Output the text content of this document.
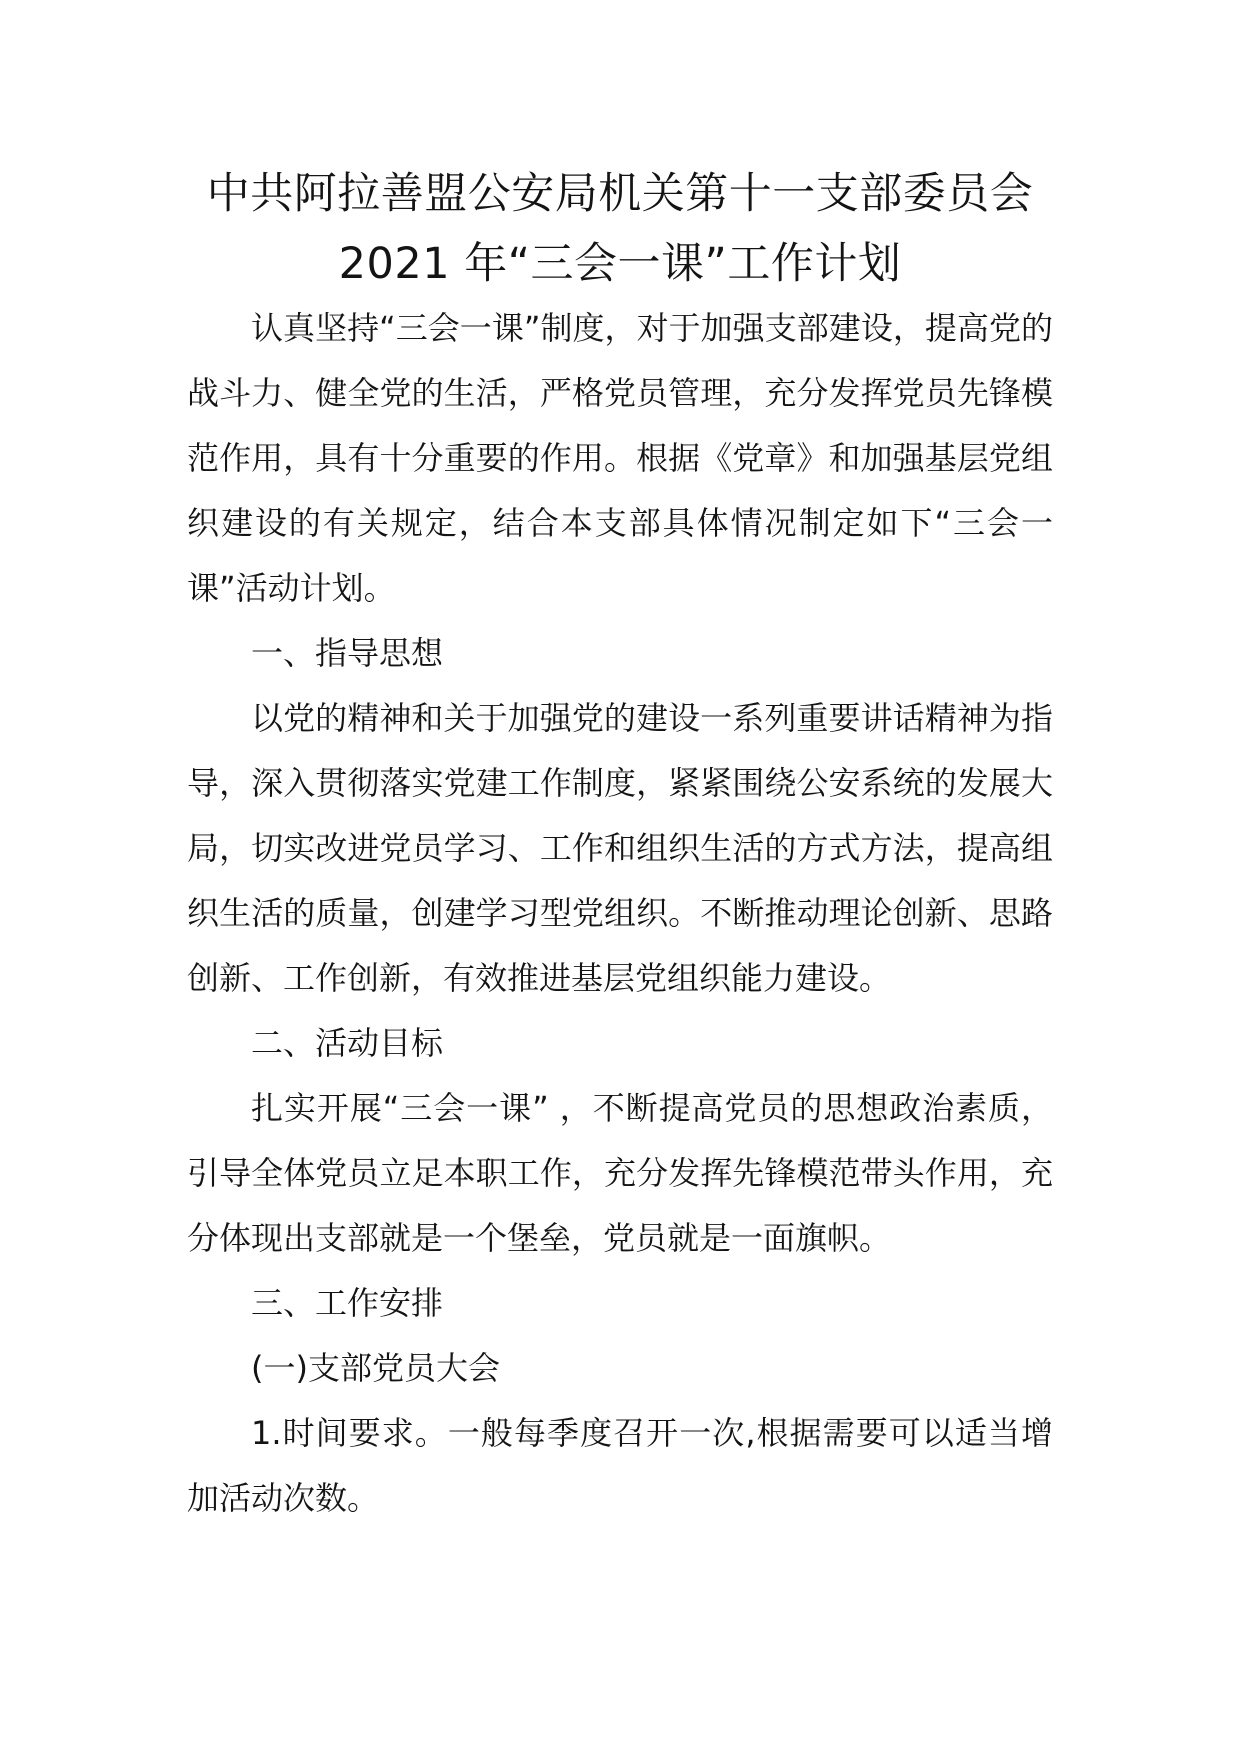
中共阿拉善盟公安局机关第十一支部委员会
2021 年“三会一课”工作计划

认真坚持“三会一课”制度，对于加强支部建设，提高党的战斗力、健全党的生活，严格党员管理，充分发挥党员先锋模范作用，具有十分重要的作用。根据《党章》和加强基层党组织建设的有关规定，结合本支部具体情况制定如下“三会一课”活动计划。

一、指导思想

以党的精神和关于加强党的建设一系列重要讲话精神为指导，深入贯彻落实党建工作制度，紧紧围绕公安系统的发展大局，切实改进党员学习、工作和组织生活的方式方法，提高组织生活的质量，创建学习型党组织。不断推动理论创新、思路创新、工作创新，有效推进基层党组织能力建设。

二、活动目标

扎实开展“三会一课” ，不断提高党员的思想政治素质，引导全体党员立足本职工作，充分发挥先锋模范带头作用，充分体现出支部就是一个堡垒，党员就是一面旗帜。

三、工作安排

(一)支部党员大会

1.时间要求。一般每季度召开一次,根据需要可以适当增加活动次数。
